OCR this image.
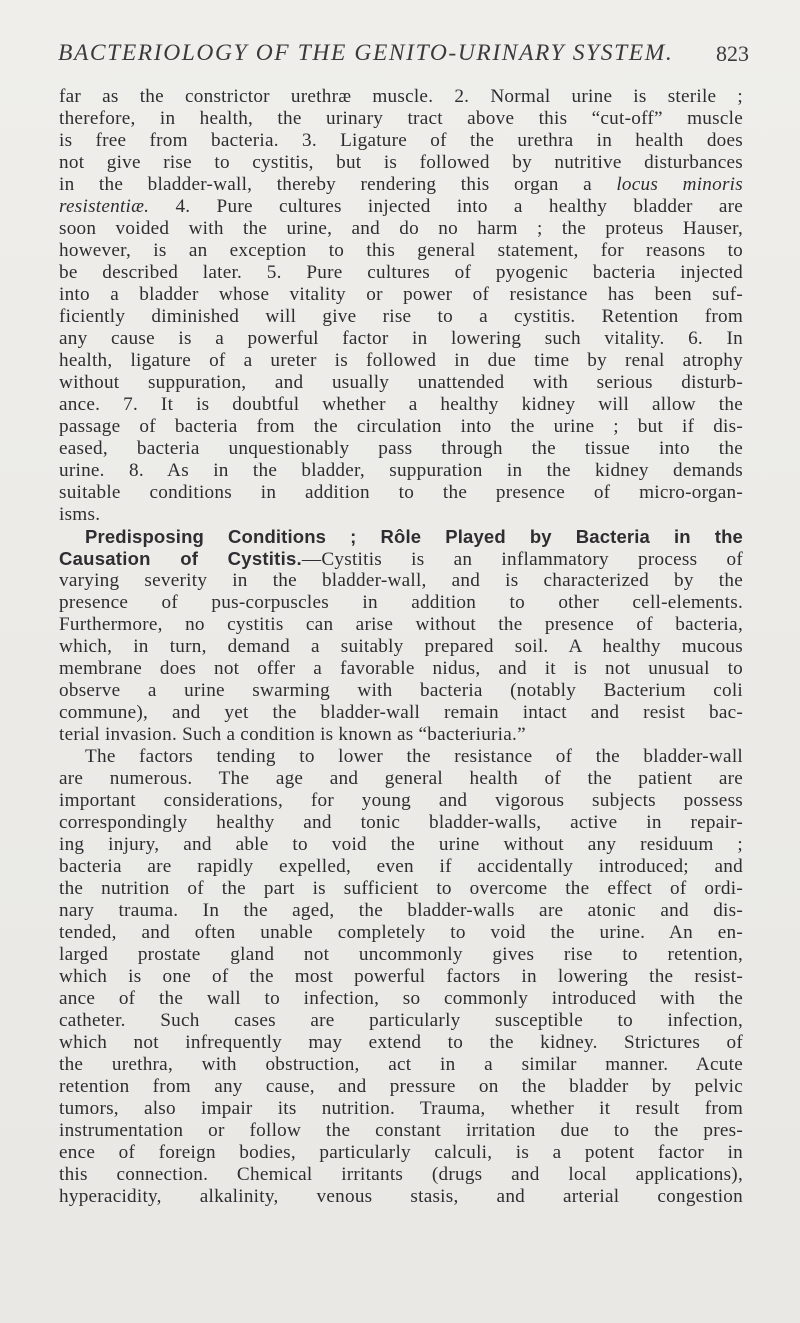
BACTERIOLOGY OF THE GENITO-URINARY SYSTEM. 823
far as the constrictor urethræ muscle. 2. Normal urine is sterile ;
therefore, in health, the urinary tract above this “cut-off” muscle
is free from bacteria. 3. Ligature of the urethra in health does
not give rise to cystitis, but is followed by nutritive disturbances
in the bladder-wall, thereby rendering this organ a locus minoris
resistentiæ. 4. Pure cultures injected into a healthy bladder are
soon voided with the urine, and do no harm ; the proteus Hauser,
however, is an exception to this general statement, for reasons to
be described later. 5. Pure cultures of pyogenic bacteria injected
into a bladder whose vitality or power of resistance has been suf-
ficiently diminished will give rise to a cystitis. Retention from
any cause is a powerful factor in lowering such vitality. 6. In
health, ligature of a ureter is followed in due time by renal atrophy
without suppuration, and usually unattended with serious disturb-
ance. 7. It is doubtful whether a healthy kidney will allow the
passage of bacteria from the circulation into the urine ; but if dis-
eased, bacteria unquestionably pass through the tissue into the
urine. 8. As in the bladder, suppuration in the kidney demands
suitable conditions in addition to the presence of micro-organ-
isms.
Predisposing Conditions ; Rôle Played by Bacteria in the
Causation of Cystitis.—Cystitis is an inflammatory process of
varying severity in the bladder-wall, and is characterized by the
presence of pus-corpuscles in addition to other cell-elements.
Furthermore, no cystitis can arise without the presence of bacteria,
which, in turn, demand a suitably prepared soil. A healthy mucous
membrane does not offer a favorable nidus, and it is not unusual to
observe a urine swarming with bacteria (notably Bacterium coli
commune), and yet the bladder-wall remain intact and resist bac-
terial invasion. Such a condition is known as “bacteriuria.”
The factors tending to lower the resistance of the bladder-wall
are numerous. The age and general health of the patient are
important considerations, for young and vigorous subjects possess
correspondingly healthy and tonic bladder-walls, active in repair-
ing injury, and able to void the urine without any residuum ;
bacteria are rapidly expelled, even if accidentally introduced; and
the nutrition of the part is sufficient to overcome the effect of ordi-
nary trauma. In the aged, the bladder-walls are atonic and dis-
tended, and often unable completely to void the urine. An en-
larged prostate gland not uncommonly gives rise to retention,
which is one of the most powerful factors in lowering the resist-
ance of the wall to infection, so commonly introduced with the
catheter. Such cases are particularly susceptible to infection,
which not infrequently may extend to the kidney. Strictures of
the urethra, with obstruction, act in a similar manner. Acute
retention from any cause, and pressure on the bladder by pelvic
tumors, also impair its nutrition. Trauma, whether it result from
instrumentation or follow the constant irritation due to the pres-
ence of foreign bodies, particularly calculi, is a potent factor in
this connection. Chemical irritants (drugs and local applications),
hyperacidity, alkalinity, venous stasis, and arterial congestion
